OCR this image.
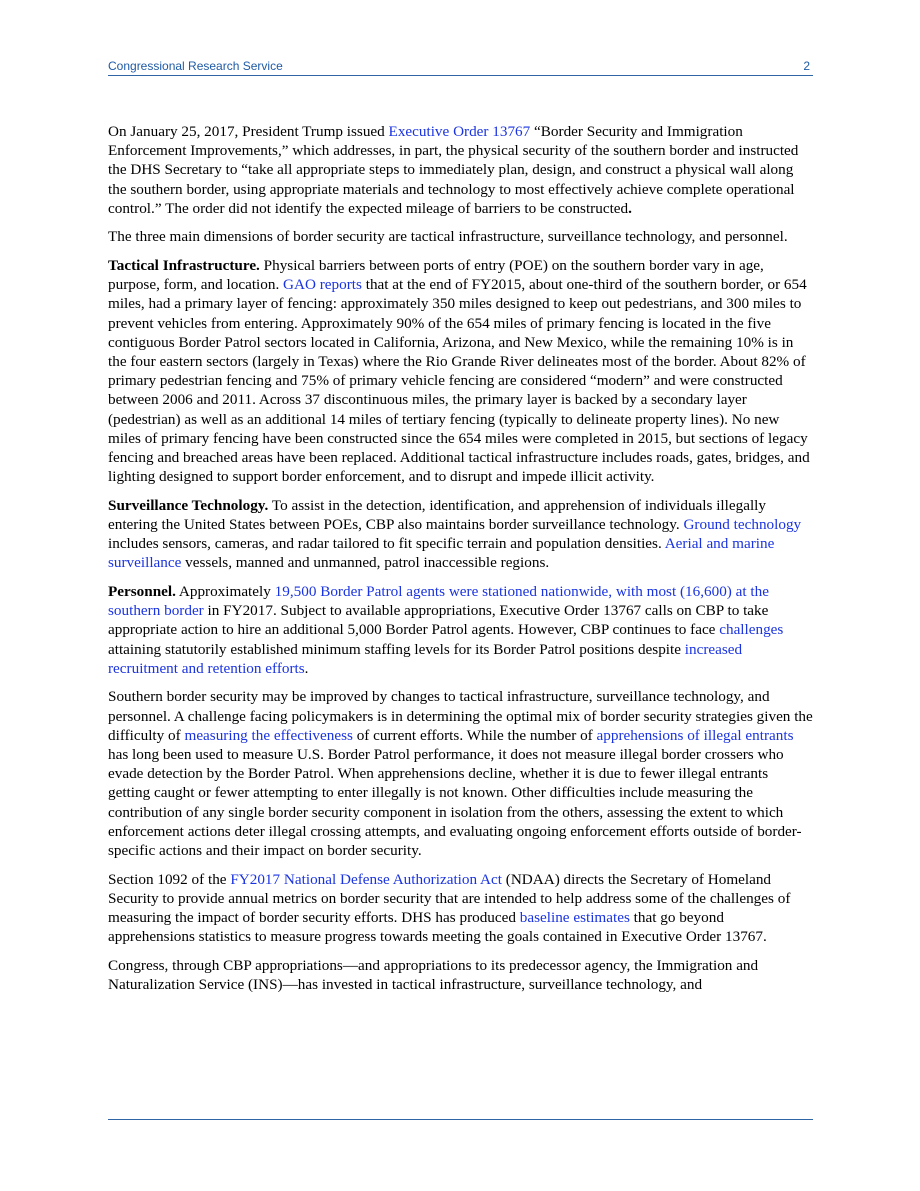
Congressional Research Service	2

On January 25, 2017, President Trump issued Executive Order 13767 “Border Security and Immigration Enforcement Improvements,” which addresses, in part, the physical security of the southern border and instructed the DHS Secretary to “take all appropriate steps to immediately plan, design, and construct a physical wall along the southern border, using appropriate materials and technology to most effectively achieve complete operational control.” The order did not identify the expected mileage of barriers to be constructed.

The three main dimensions of border security are tactical infrastructure, surveillance technology, and personnel.

Tactical Infrastructure. Physical barriers between ports of entry (POE) on the southern border vary in age, purpose, form, and location. GAO reports that at the end of FY2015, about one-third of the southern border, or 654 miles, had a primary layer of fencing: approximately 350 miles designed to keep out pedestrians, and 300 miles to prevent vehicles from entering. Approximately 90% of the 654 miles of primary fencing is located in the five contiguous Border Patrol sectors located in California, Arizona, and New Mexico, while the remaining 10% is in the four eastern sectors (largely in Texas) where the Rio Grande River delineates most of the border. About 82% of primary pedestrian fencing and 75% of primary vehicle fencing are considered “modern” and were constructed between 2006 and 2011. Across 37 discontinuous miles, the primary layer is backed by a secondary layer (pedestrian) as well as an additional 14 miles of tertiary fencing (typically to delineate property lines). No new miles of primary fencing have been constructed since the 654 miles were completed in 2015, but sections of legacy fencing and breached areas have been replaced. Additional tactical infrastructure includes roads, gates, bridges, and lighting designed to support border enforcement, and to disrupt and impede illicit activity.

Surveillance Technology. To assist in the detection, identification, and apprehension of individuals illegally entering the United States between POEs, CBP also maintains border surveillance technology. Ground technology includes sensors, cameras, and radar tailored to fit specific terrain and population densities. Aerial and marine surveillance vessels, manned and unmanned, patrol inaccessible regions.

Personnel. Approximately 19,500 Border Patrol agents were stationed nationwide, with most (16,600) at the southern border in FY2017. Subject to available appropriations, Executive Order 13767 calls on CBP to take appropriate action to hire an additional 5,000 Border Patrol agents. However, CBP continues to face challenges attaining statutorily established minimum staffing levels for its Border Patrol positions despite increased recruitment and retention efforts.

Southern border security may be improved by changes to tactical infrastructure, surveillance technology, and personnel. A challenge facing policymakers is in determining the optimal mix of border security strategies given the difficulty of measuring the effectiveness of current efforts. While the number of apprehensions of illegal entrants has long been used to measure U.S. Border Patrol performance, it does not measure illegal border crossers who evade detection by the Border Patrol. When apprehensions decline, whether it is due to fewer illegal entrants getting caught or fewer attempting to enter illegally is not known. Other difficulties include measuring the contribution of any single border security component in isolation from the others, assessing the extent to which enforcement actions deter illegal crossing attempts, and evaluating ongoing enforcement efforts outside of border-specific actions and their impact on border security.

Section 1092 of the FY2017 National Defense Authorization Act (NDAA) directs the Secretary of Homeland Security to provide annual metrics on border security that are intended to help address some of the challenges of measuring the impact of border security efforts. DHS has produced baseline estimates that go beyond apprehensions statistics to measure progress towards meeting the goals contained in Executive Order 13767.

Congress, through CBP appropriations—and appropriations to its predecessor agency, the Immigration and Naturalization Service (INS)—has invested in tactical infrastructure, surveillance technology, and
